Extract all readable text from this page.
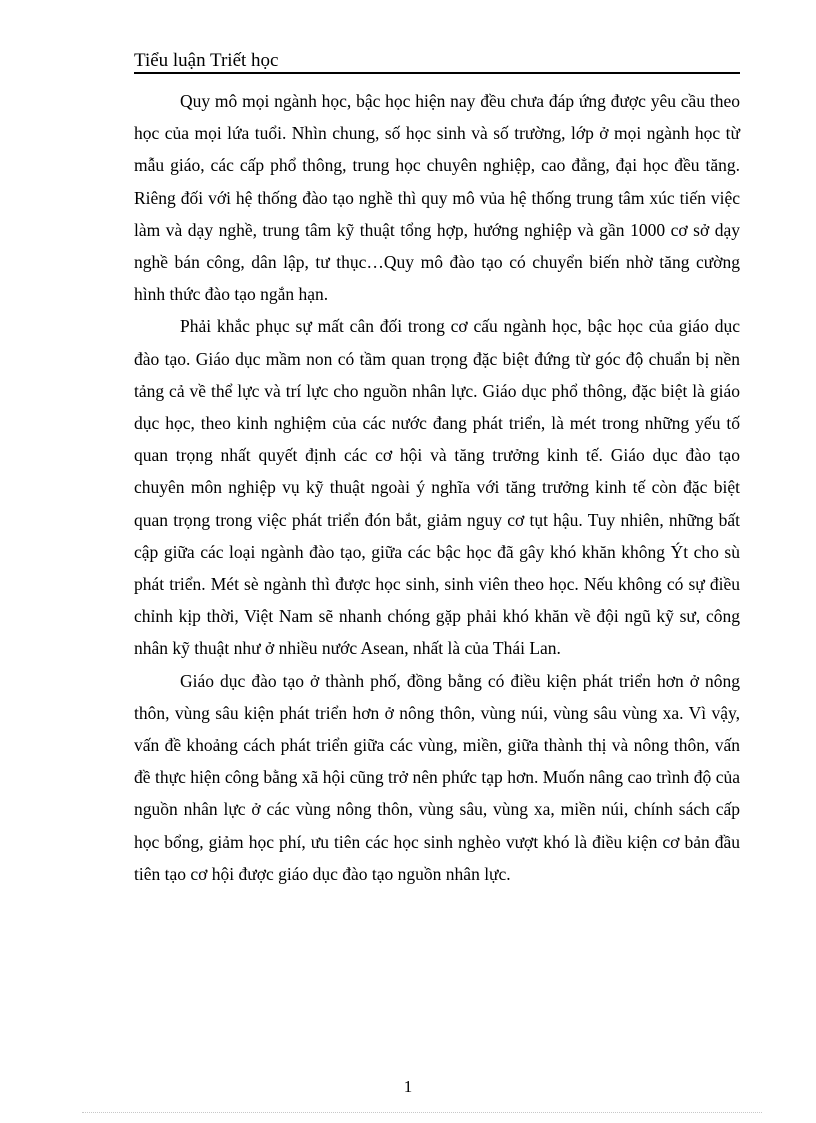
Tiểu luận Triết học

Quy mô mọi ngành học, bậc học hiện nay đều chưa đáp ứng được yêu cầu theo học của mọi lứa tuổi. Nhìn chung, số học sinh và số trường, lớp ở mọi ngành học từ mẫu giáo, các cấp phổ thông, trung học chuyên nghiệp, cao đẳng, đại học đều tăng. Riêng đối với hệ thống đào tạo nghề thì quy mô vủa hệ thống trung tâm xúc tiến việc làm và dạy nghề, trung tâm kỹ thuật tổng hợp, hướng nghiệp và gần 1000 cơ sở dạy nghề bán công, dân lập, tư thục…Quy mô đào tạo có chuyển biến nhờ tăng cường hình thức đào tạo ngắn hạn.

Phải khắc phục sự mất cân đối trong cơ cấu ngành học, bậc học của giáo dục đào tạo. Giáo dục mầm non có tầm quan trọng đặc biệt đứng từ góc độ chuẩn bị nền tảng cả về thể lực và trí lực cho nguồn nhân lực. Giáo dục phổ thông, đặc biệt là giáo dục học, theo kinh nghiệm của các nước đang phát triển, là mét trong những yếu tố quan trọng nhất quyết định các cơ hội và tăng trưởng kinh tế. Giáo dục đào tạo chuyên môn nghiệp vụ kỹ thuật ngoài ý nghĩa với tăng trưởng kinh tế còn đặc biệt quan trọng trong việc phát triển đón bắt, giảm nguy cơ tụt hậu. Tuy nhiên, những bất cập giữa các loại ngành đào tạo, giữa các bậc học đã gây khó khăn không Ýt cho sù phát triển. Mét sè ngành thì được học sinh, sinh viên theo học. Nếu không có sự điều chỉnh kịp thời, Việt Nam sẽ nhanh chóng gặp phải khó khăn về đội ngũ kỹ sư, công nhân kỹ thuật như ở nhiều nước Asean, nhất là của Thái Lan.

Giáo dục đào tạo ở thành phố, đồng bằng có điều kiện phát triển hơn ở nông thôn, vùng sâu kiện phát triển hơn ở nông thôn, vùng núi, vùng sâu vùng xa. Vì vậy, vấn đề khoảng cách phát triển giữa các vùng, miền, giữa thành thị và nông thôn, vấn đề thực hiện công bằng xã hội cũng trở nên phức tạp hơn. Muốn nâng cao trình độ của nguồn nhân lực ở các vùng nông thôn, vùng sâu, vùng xa, miền núi, chính sách cấp học bổng, giảm học phí, ưu tiên các học sinh nghèo vượt khó là điều kiện cơ bản đầu tiên tạo cơ hội được giáo dục đào tạo nguồn nhân lực.

1
